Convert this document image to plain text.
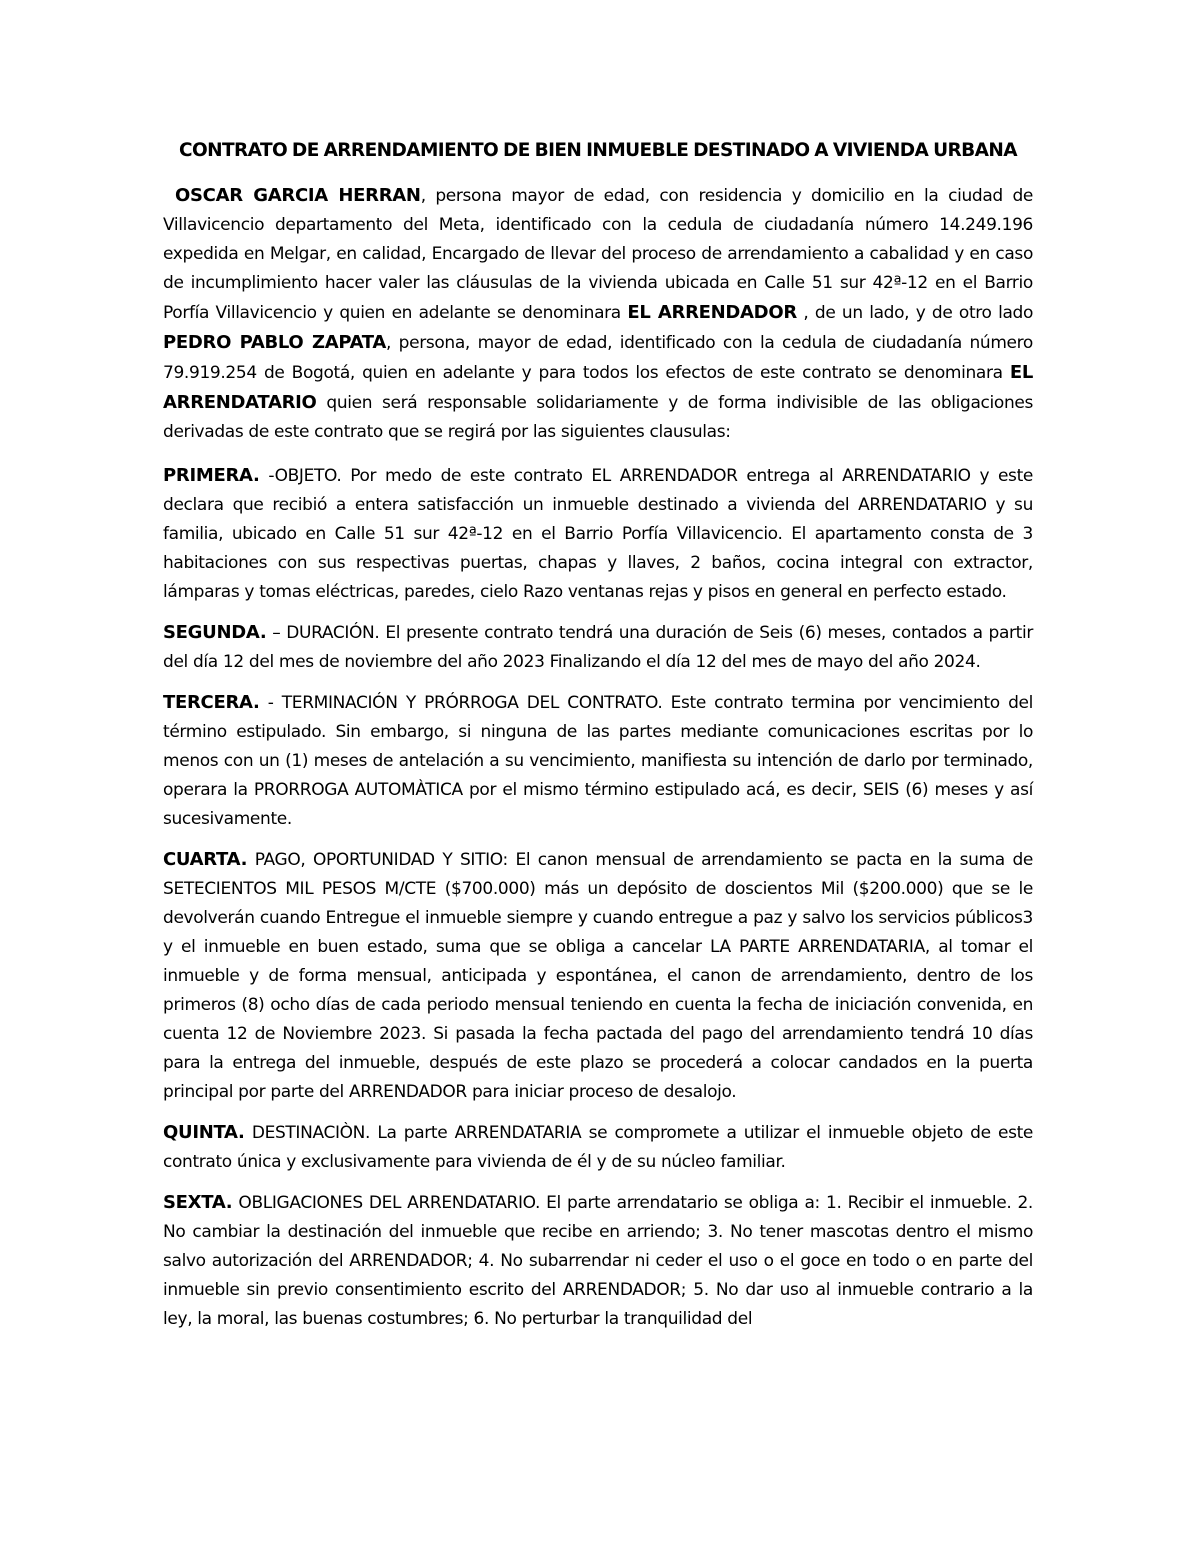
CONTRATO DE ARRENDAMIENTO DE BIEN INMUEBLE DESTINADO A VIVIENDA URBANA

OSCAR GARCIA HERRAN, persona mayor de edad, con residencia y domicilio en la ciudad de Villavicencio departamento del Meta, identificado con la cedula de ciudadanía número 14.249.196 expedida en Melgar, en calidad, Encargado de llevar del proceso de arrendamiento a cabalidad y en caso de incumplimiento hacer valer las cláusulas de la vivienda ubicada en Calle 51 sur 42ª-12 en el Barrio Porfía Villavicencio y quien en adelante se denominara EL ARRENDADOR , de un lado, y de otro lado PEDRO PABLO ZAPATA, persona, mayor de edad, identificado con la cedula de ciudadanía número 79.919.254 de Bogotá, quien en adelante y para todos los efectos de este contrato se denominara EL ARRENDATARIO quien será responsable solidariamente y de forma indivisible de las obligaciones derivadas de este contrato que se regirá por las siguientes clausulas:

PRIMERA. -OBJETO. Por medo de este contrato EL ARRENDADOR entrega al ARRENDATARIO y este declara que recibió a entera satisfacción un inmueble destinado a vivienda del ARRENDATARIO y su familia, ubicado en Calle 51 sur 42ª-12 en el Barrio Porfía Villavicencio. El apartamento consta de 3 habitaciones con sus respectivas puertas, chapas y llaves, 2 baños, cocina integral con extractor, lámparas y tomas eléctricas, paredes, cielo Razo ventanas rejas y pisos en general en perfecto estado.

SEGUNDA. – DURACIÓN. El presente contrato tendrá una duración de Seis (6) meses, contados a partir del día 12 del mes de noviembre del año 2023 Finalizando el día 12 del mes de mayo del año 2024.

TERCERA. - TERMINACIÓN Y PRÓRROGA DEL CONTRATO. Este contrato termina por vencimiento del término estipulado. Sin embargo, si ninguna de las partes mediante comunicaciones escritas por lo menos con un (1) meses de antelación a su vencimiento, manifiesta su intención de darlo por terminado, operara la PRORROGA AUTOMÀTICA por el mismo término estipulado acá, es decir, SEIS (6) meses y así sucesivamente.

CUARTA. PAGO, OPORTUNIDAD Y SITIO: El canon mensual de arrendamiento se pacta en la suma de SETECIENTOS MIL PESOS M/CTE ($700.000) más un depósito de doscientos Mil ($200.000) que se le devolverán cuando Entregue el inmueble siempre y cuando entregue a paz y salvo los servicios públicos3 y el inmueble en buen estado, suma que se obliga a cancelar LA PARTE ARRENDATARIA, al tomar el inmueble y de forma mensual, anticipada y espontánea, el canon de arrendamiento, dentro de los primeros (8) ocho días de cada periodo mensual teniendo en cuenta la fecha de iniciación convenida, en cuenta 12 de Noviembre 2023. Si pasada la fecha pactada del pago del arrendamiento tendrá 10 días para la entrega del inmueble, después de este plazo se procederá a colocar candados en la puerta principal por parte del ARRENDADOR para iniciar proceso de desalojo.

QUINTA. DESTINACIÒN. La parte ARRENDATARIA se compromete a utilizar el inmueble objeto de este contrato única y exclusivamente para vivienda de él y de su núcleo familiar.

SEXTA. OBLIGACIONES DEL ARRENDATARIO. El parte arrendatario se obliga a: 1. Recibir el inmueble. 2. No cambiar la destinación del inmueble que recibe en arriendo; 3. No tener mascotas dentro el mismo salvo autorización del ARRENDADOR; 4. No subarrendar ni ceder el uso o el goce en todo o en parte del inmueble sin previo consentimiento escrito del ARRENDADOR; 5. No dar uso al inmueble contrario a la ley, la moral, las buenas costumbres; 6. No perturbar la tranquilidad del
